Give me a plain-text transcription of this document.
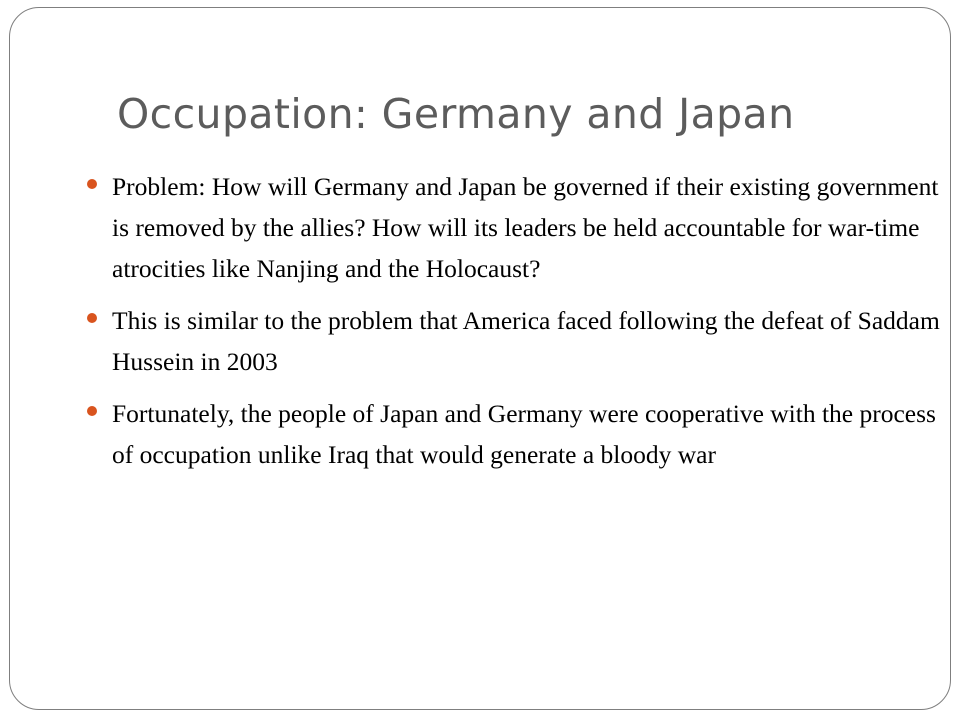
Occupation: Germany and Japan
Problem: How will Germany and Japan be governed if their existing government is removed by the allies? How will its leaders be held accountable for war-time atrocities like Nanjing and the Holocaust?
This is similar to the problem that America faced following the defeat of Saddam Hussein in 2003
Fortunately, the people of Japan and Germany were cooperative with the process of occupation unlike Iraq that would generate a bloody war
